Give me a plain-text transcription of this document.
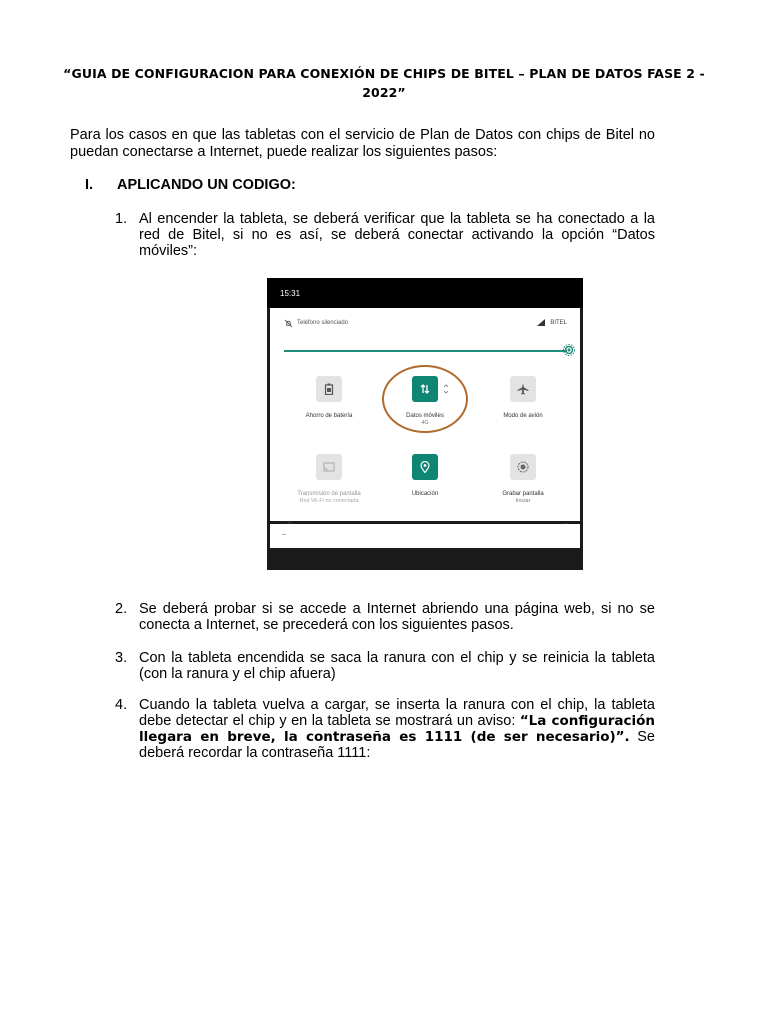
“GUIA DE CONFIGURACION PARA CONEXIÓN DE CHIPS DE BITEL – PLAN DE DATOS FASE 2 - 2022”
Para los casos en que las tabletas con el servicio de Plan de Datos con chips de Bitel no puedan conectarse a Internet, puede realizar los siguientes pasos:
I. APLICANDO UN CODIGO:
1. Al encender la tableta, se deberá verificar que la tableta se ha conectado a la red de Bitel, si no es así, se deberá conectar activando la opción “Datos móviles”:
15:31
Teléfono silenciado	BITEL
Ahorro de batería	Datos móviles
4G
Modo de avión
Transmisión de pantalla
Red Wi-Fi no conectada
Ubicación	Grabar pantalla
Iniciar
–
2. Se deberá probar si se accede a Internet abriendo una página web, si no se conecta a Internet, se precederá con los siguientes pasos.
3. Con la tableta encendida se saca la ranura con el chip y se reinicia la tableta (con la ranura y el chip afuera)
4. Cuando la tableta vuelva a cargar, se inserta la ranura con el chip, la tableta debe detectar el chip y en la tableta se mostrará un aviso: “La configuración llegara en breve, la contraseña es 1111 (de ser necesario)”. Se deberá recordar la contraseña 1111:
